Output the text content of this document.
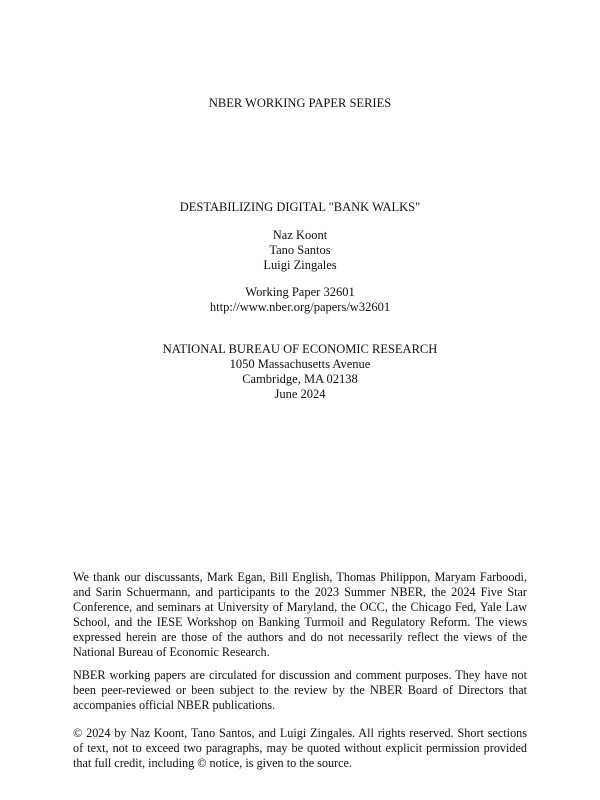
NBER WORKING PAPER SERIES
DESTABILIZING DIGITAL "BANK WALKS"
Naz Koont
Tano Santos
Luigi Zingales
Working Paper 32601
http://www.nber.org/papers/w32601
NATIONAL BUREAU OF ECONOMIC RESEARCH
1050 Massachusetts Avenue
Cambridge, MA 02138
June 2024

We thank our discussants, Mark Egan, Bill English, Thomas Philippon, Maryam Farboodi, and Sarin Schuermann, and participants to the 2023 Summer NBER, the 2024 Five Star Conference, and seminars at University of Maryland, the OCC, the Chicago Fed, Yale Law School, and the IESE Workshop on Banking Turmoil and Regulatory Reform. The views expressed herein are those of the authors and do not necessarily reflect the views of the National Bureau of Economic Research.

NBER working papers are circulated for discussion and comment purposes. They have not been peer-reviewed or been subject to the review by the NBER Board of Directors that accompanies official NBER publications.

© 2024 by Naz Koont, Tano Santos, and Luigi Zingales. All rights reserved. Short sections of text, not to exceed two paragraphs, may be quoted without explicit permission provided that full credit, including © notice, is given to the source.
